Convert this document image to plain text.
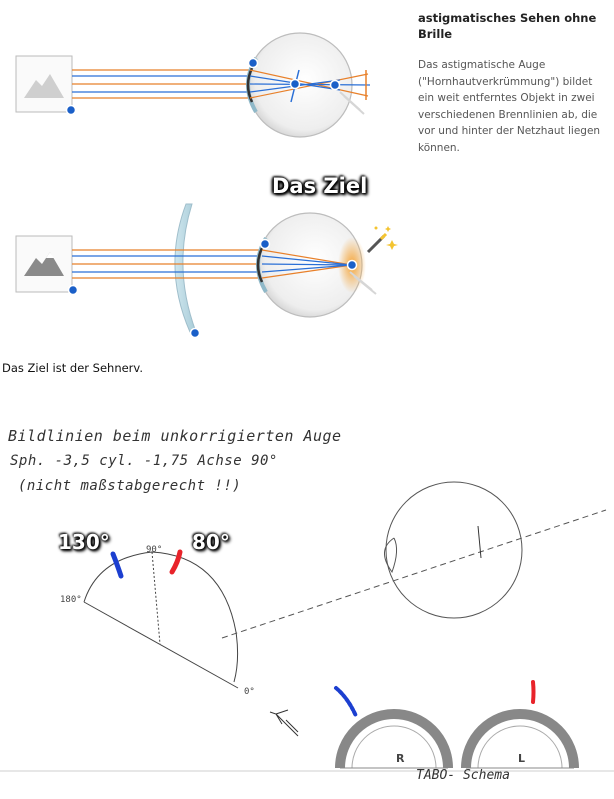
astigmatisches Sehen ohne Brille
Das astigmatische Auge ("Hornhautverkrümmung") bildet ein weit entferntes Objekt in zwei verschiedenen Brennlinien ab, die vor und hinter der Netzhaut liegen können.
Das Ziel
Das Ziel ist der Sehnerv.
90°
180°
0°
R	L
Bildlinien beim unkorrigierten Auge
Sph. -3,5 cyl. -1,75 Achse 90°
(nicht maßstabgerecht !!)
130°	80°
TABO- Schema
